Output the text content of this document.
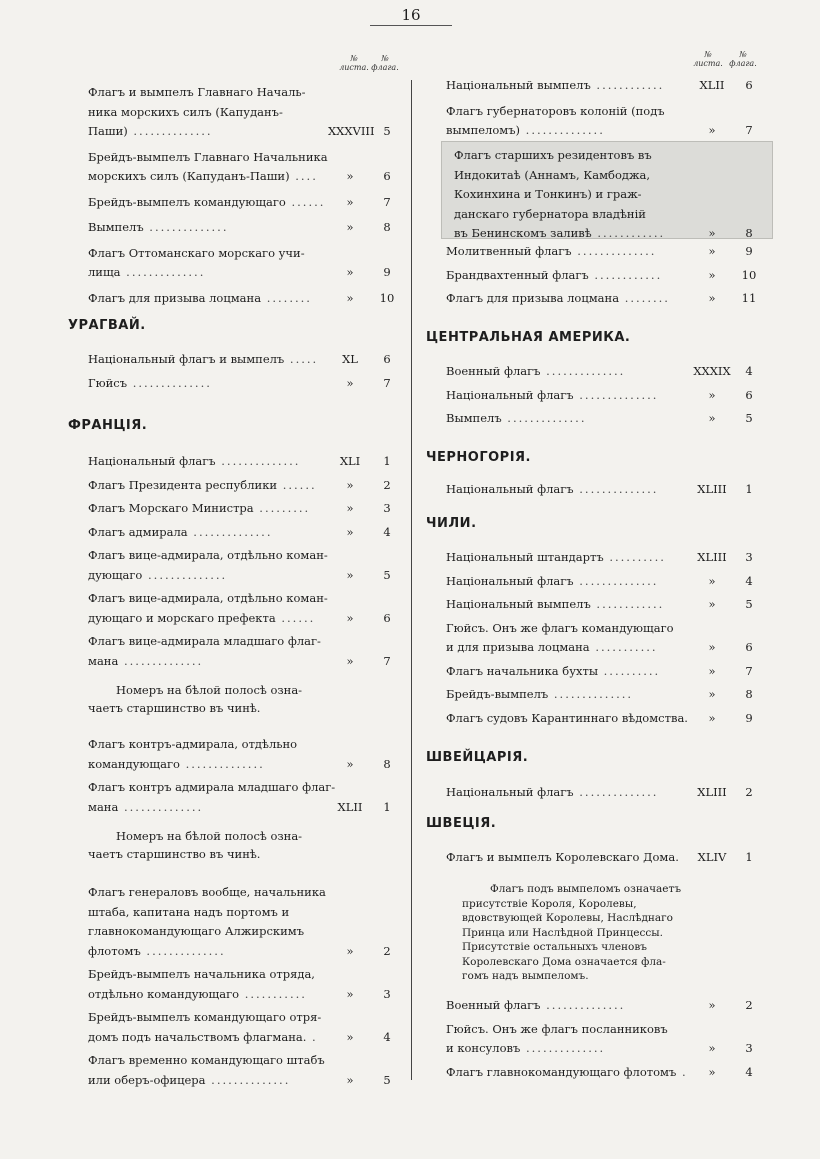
16
№ листа.
№ флага.
№ листа.
№ флага.
Флагъ и вымпелъ Главнаго Началь-
ника морскихъ силъ (Капуданъ-
Паши) ..............	XXXVIII 5
Брейдъ-вымпелъ Главнаго Начальника
морскихъ силъ (Капуданъ-Паши) ....	»	6
Брейдъ-вымпелъ командующаго ......	»	7
Вымпелъ ..............	»	8
Флагъ Оттоманскаго морскаго учи-
лища ..............	»	9
Флагъ для призыва лоцмана ........	»	10
УРАГВАЙ.
Національный флагъ и вымпелъ .....	XL	6
Гюйсъ ..............	»	7
ФРАНЦІЯ.
Національный флагъ ..............	XLI	1
Флагъ Президента республики ......	»	2
Флагъ Морскаго Министра .........	»	3
Флагъ адмирала ..............	»	4
Флагъ вице-адмирала, отдѣльно коман-
дующаго ..............	»	5
Флагъ вице-адмирала, отдѣльно коман-
дующаго и морскаго префекта ......	»	6
Флагъ вице-адмирала младшаго флаг-
мана ..............	»	7
Номеръ на бѣлой полосѣ озна-
чаетъ старшинство въ чинѣ.
Флагъ контръ-адмирала, отдѣльно
командующаго ..............	»	8
Флагъ контръ адмирала младшаго флаг-
мана ..............	XLII	1
Номеръ на бѣлой полосѣ озна-
чаетъ старшинство въ чинѣ.
Флагъ генераловъ вообще, начальника
штаба, капитана надъ портомъ и
главнокомандующаго Алжирскимъ
флотомъ ..............	»	2
Брейдъ-вымпелъ начальника отряда,
отдѣльно командующаго ...........	»	3
Брейдъ-вымпелъ командующаго отря-
домъ подъ начальствомъ флагмана. .	»	4
Флагъ временно командующаго штабъ
или оберъ-офицера ..............	»	5
Національный вымпелъ ............	XLII	6
Флагъ губернаторовъ колоній (подъ
вымпеломъ) ..............	»	7
Флагъ старшихъ резидентовъ въ
Индокитаѣ (Аннамъ, Камбоджа,
Кохинхина и Тонкинъ) и граж-
данскаго губернатора владѣній
въ Бенинскомъ заливѣ ............	»	8
Молитвенный флагъ ..............	»	9
Брандвахтенный флагъ ............	»	10
Флагъ для призыва лоцмана ........	»	11
ЦЕНТРАЛЬНАЯ АМЕРИКА.
Военный флагъ ..............	XXXIX	4
Національный флагъ ..............	»	6
Вымпелъ ..............	»	5
ЧЕРНОГОРІЯ.
Національный флагъ ..............	XLIII	1
ЧИЛИ.
Національный штандартъ ..........	XLIII	3
Національный флагъ ..............	»	4
Національный вымпелъ ............	»	5
Гюйсъ. Онъ же флагъ командующаго
и для призыва лоцмана ...........	»	6
Флагъ начальника бухты ..........	»	7
Брейдъ-вымпелъ ..............	»	8
Флагъ судовъ Карантиннаго вѣдомства.	»	9
ШВЕЙЦАРІЯ.
Національный флагъ ..............	XLIII	2
ШВЕЦІЯ.
Флагъ и вымпелъ Королевскаго Дома.	XLIV	1
Флагъ подъ вымпеломъ означаетъ
присутствіе Короля, Королевы,
вдовствующей Королевы, Наслѣднаго
Принца или Наслѣдной Принцессы.
Присутствіе остальныхъ членовъ
Королевскаго Дома означается фла-
гомъ надъ вымпеломъ.
Военный флагъ ..............	»	2
Гюйсъ. Онъ же флагъ посланниковъ
и консуловъ ..............	»	3
Флагъ главнокомандующаго флотомъ .	»	4
